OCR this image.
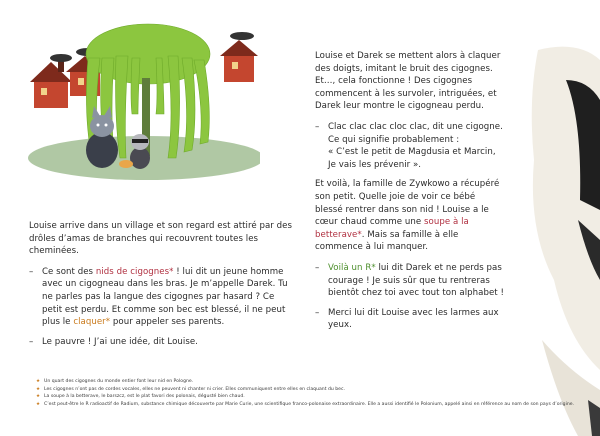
Louise arrive dans un village et son regard est attiré par des drôles d’amas de branches qui recouvrent toutes les cheminées.

– Ce sont des nids de cigognes* ! lui dit un jeune homme avec un cigogneau dans les bras. Je m’appelle Darek. Tu ne parles pas la langue des cigognes par hasard ? Ce petit est perdu. Et comme son bec est blessé, il ne peut plus le claquer* pour appeler ses parents.
– Le pauvre ! J’ai une idée, dit Louise.

Louise et Darek se mettent alors à claquer des doigts, imitant le bruit des cigognes. Et…, cela fonctionne ! Des cigognes commencent à les survoler, intriguées, et Darek leur montre le cigogneau perdu.

– Clac clac clac cloc clac, dit une cigogne. Ce qui signifie probablement :
« C’est le petit de Magdusia et Marcin, Je vais les prévenir ».

Et voilà, la famille de Zywkowo a récupéré son petit. Quelle joie de voir ce bébé blessé rentrer dans son nid ! Louise a le cœur chaud comme une soupe à la betterave*. Mais sa famille à elle commence à lui manquer.

– Voilà un R* lui dit Darek et ne perds pas courage ! Je suis sûr que tu rentreras bientôt chez toi avec tout ton alphabet !
– Merci lui dit Louise avec les larmes aux yeux.

★ Un quart des cigognes du monde entier font leur nid en Pologne.

★ Les cigognes n’ont pas de cordes vocales, elles ne peuvent ni chanter ni crier. Elles communiquent entre elles en claquant du bec.

★ La soupe à la betterave, le barszcz, est le plat favori des polonais, dégusté bien chaud.

★ C’est peut-être le R radioactif de Radium, substance chimique découverte par Marie Curie, une scientifique franco-polonaise extraordinaire. Elle a aussi identifié le Polonium, appelé ainsi en référence au nom de son pays d’origine.
